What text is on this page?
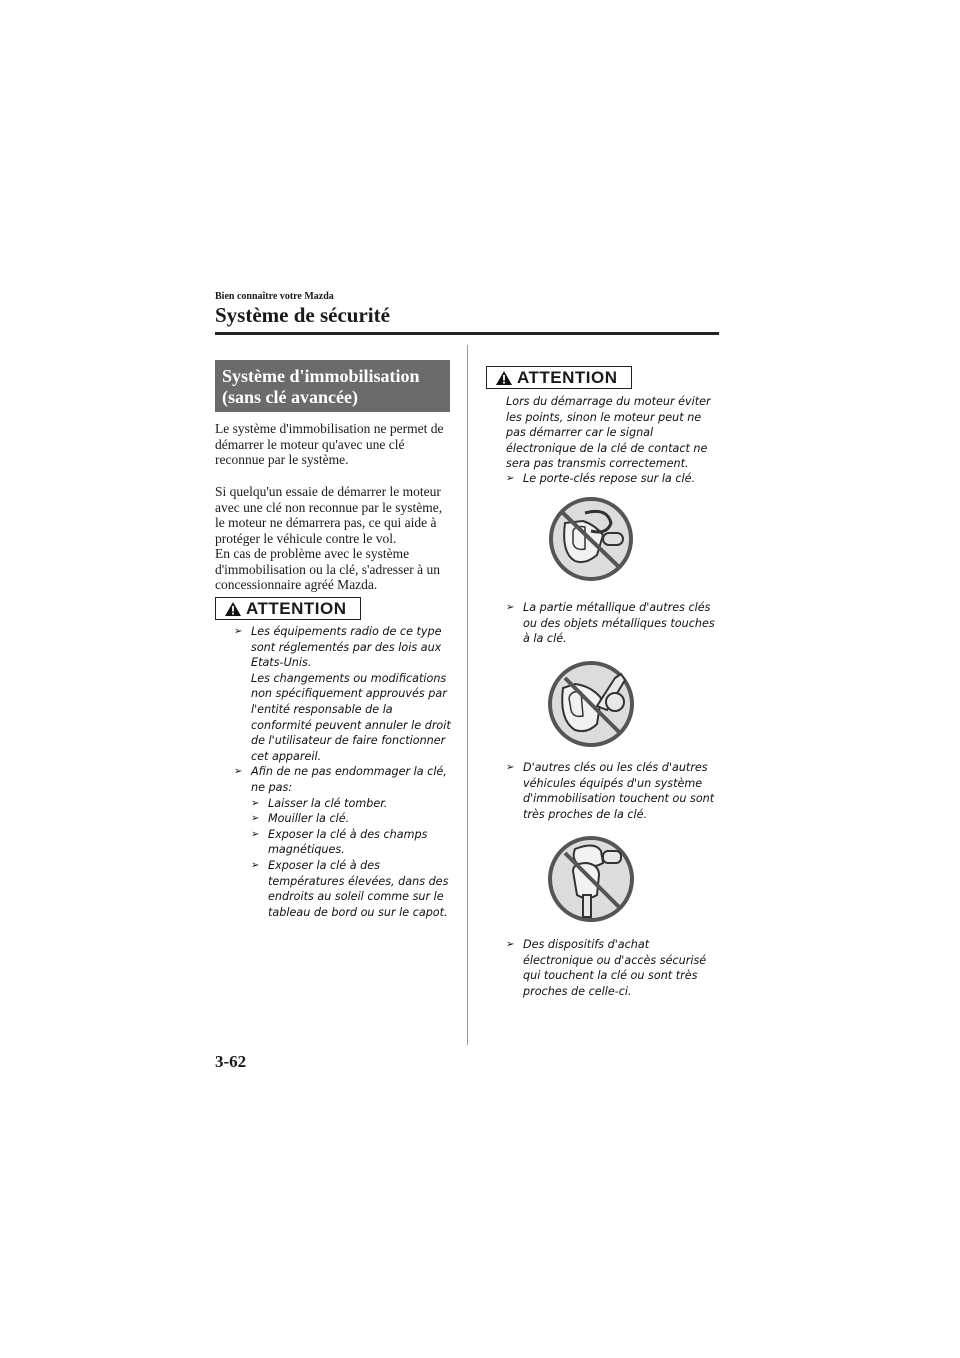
Bien connaître votre Mazda
Système de sécurité
Système d'immobilisation
(sans clé avancée)
Le système d'immobilisation ne permet de démarrer le moteur qu'avec une clé reconnue par le système.
Si quelqu'un essaie de démarrer le moteur avec une clé non reconnue par le système, le moteur ne démarrera pas, ce qui aide à protéger le véhicule contre le vol.
En cas de problème avec le système d'immobilisation ou la clé, s'adresser à un concessionnaire agréé Mazda.
ATTENTION
➢ Les équipements radio de ce type sont réglementés par des lois aux Etats-Unis.
Les changements ou modifications non spécifiquement approuvés par l'entité responsable de la conformité peuvent annuler le droit de l'utilisateur de faire fonctionner cet appareil.
➢ Afin de ne pas endommager la clé, ne pas:
➢ Laisser la clé tomber.
➢ Mouiller la clé.
➢ Exposer la clé à des champs magnétiques.
➢ Exposer la clé à des températures élevées, dans des endroits au soleil comme sur le tableau de bord ou sur le capot.
ATTENTION
Lors du démarrage du moteur éviter les points, sinon le moteur peut ne pas démarrer car le signal électronique de la clé de contact ne sera pas transmis correctement.
➢ Le porte-clés repose sur la clé.
➢ La partie métallique d'autres clés ou des objets métalliques touches à la clé.
➢ D'autres clés ou les clés d'autres véhicules équipés d'un système d'immobilisation touchent ou sont très proches de la clé.
➢ Des dispositifs d'achat électronique ou d'accès sécurisé qui touchent la clé ou sont très proches de celle-ci.
3-62
